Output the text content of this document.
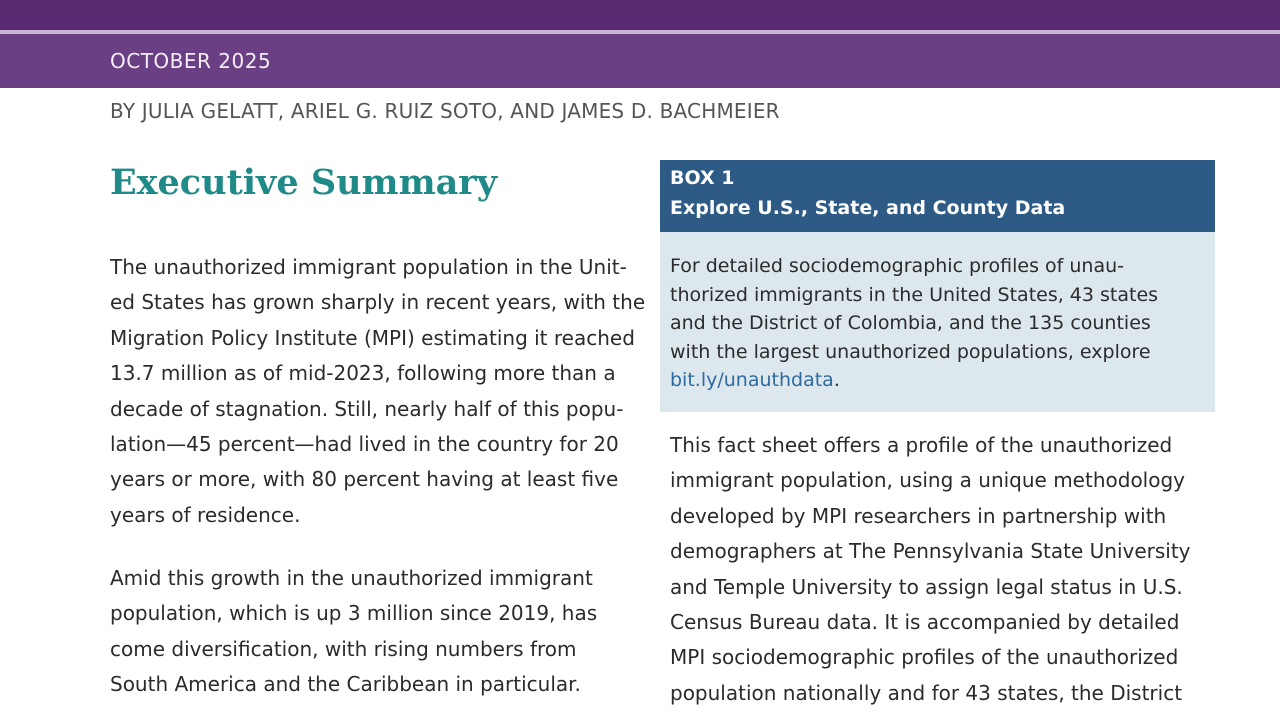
OCTOBER 2025
BY JULIA GELATT, ARIEL G. RUIZ SOTO, AND JAMES D. BACHMEIER
Executive Summary
The unauthorized immigrant population in the Unit-
ed States has grown sharply in recent years, with the
Migration Policy Institute (MPI) estimating it reached
13.7 million as of mid-2023, following more than a
decade of stagnation. Still, nearly half of this popu-
lation—45 percent—had lived in the country for 20
years or more, with 80 percent having at least five
years of residence.
Amid this growth in the unauthorized immigrant
population, which is up 3 million since 2019, has
come diversification, with rising numbers from
South America and the Caribbean in particular.
BOX 1
Explore U.S., State, and County Data
For detailed sociodemographic profiles of unau-
thorized immigrants in the United States, 43 states
and the District of Colombia, and the 135 counties
with the largest unauthorized populations, explore
bit.ly/unauthdata.
This fact sheet offers a profile of the unauthorized
immigrant population, using a unique methodology
developed by MPI researchers in partnership with
demographers at The Pennsylvania State University
and Temple University to assign legal status in U.S.
Census Bureau data. It is accompanied by detailed
MPI sociodemographic profiles of the unauthorized
population nationally and for 43 states, the District
